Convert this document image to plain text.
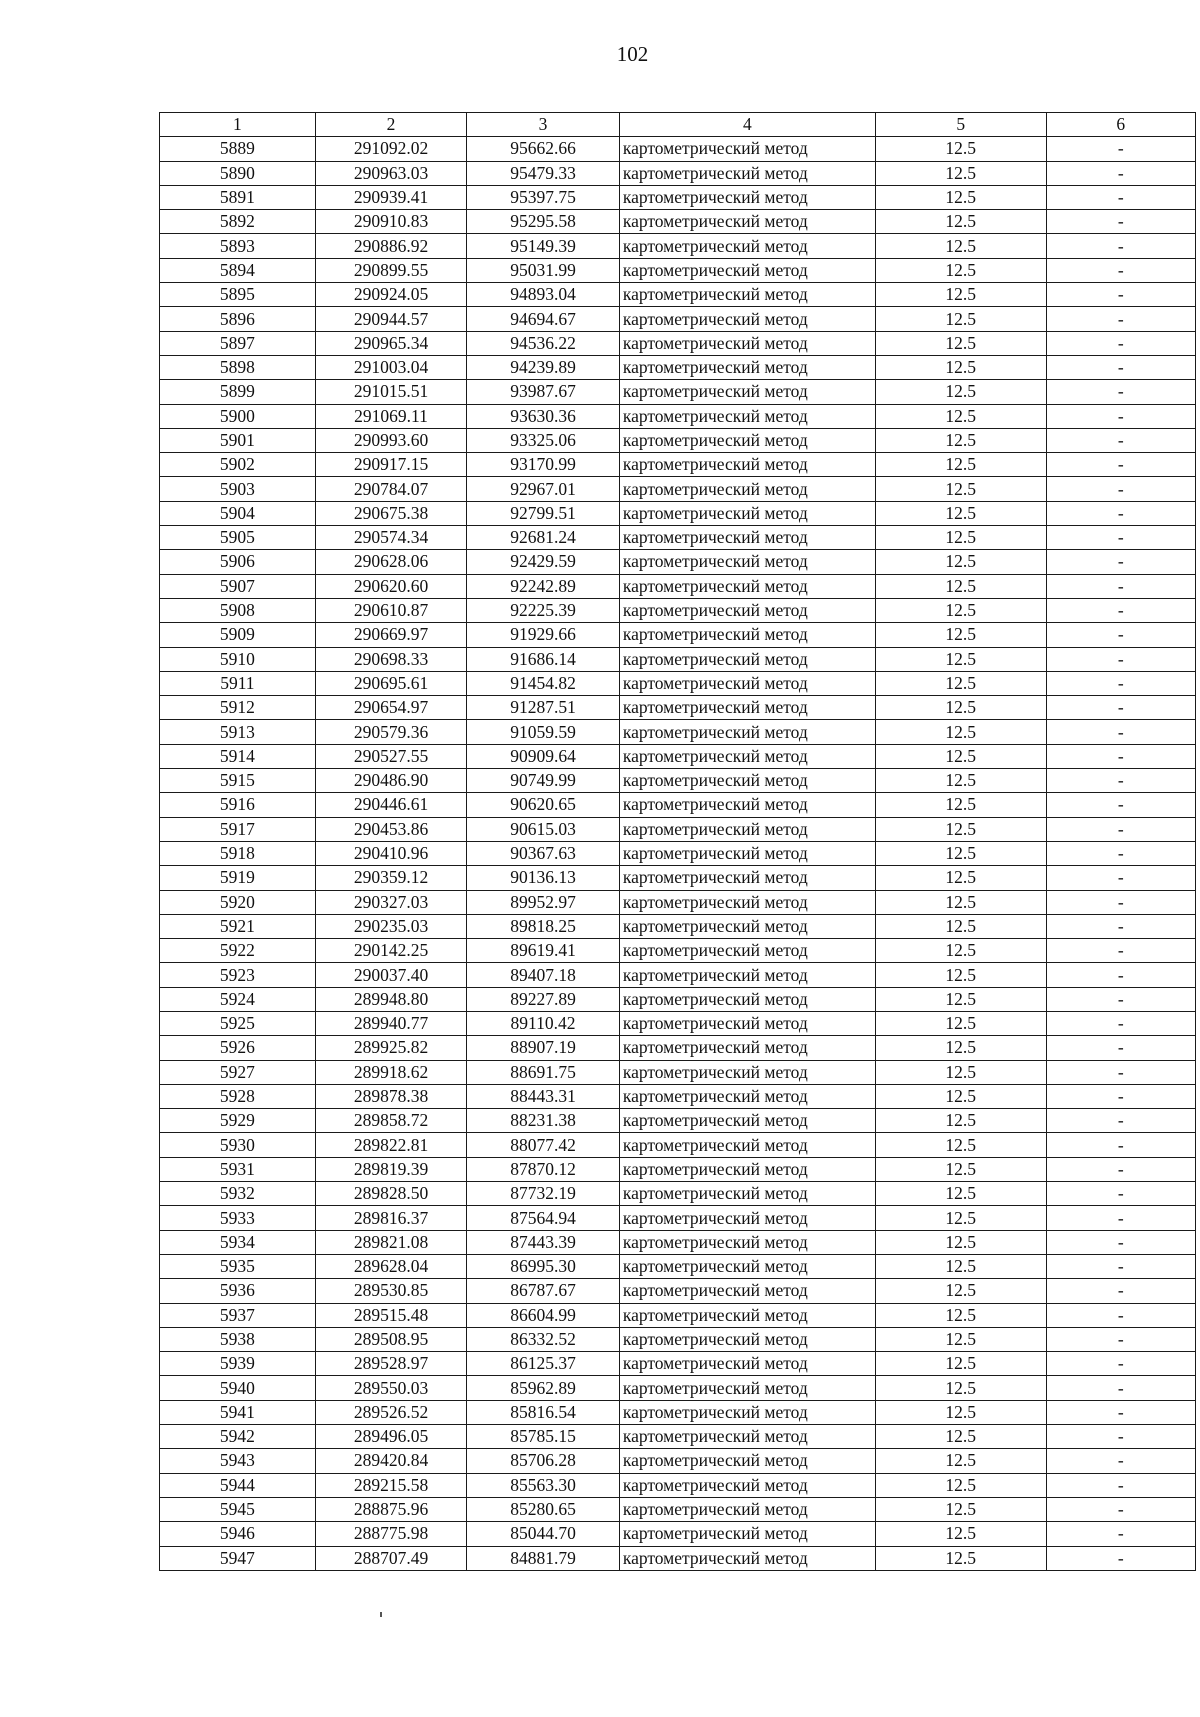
102
1	2	3	4	5	6
5889	291092.02	95662.66	картометрический метод	12.5	-
5890	290963.03	95479.33	картометрический метод	12.5	-
5891	290939.41	95397.75	картометрический метод	12.5	-
5892	290910.83	95295.58	картометрический метод	12.5	-
5893	290886.92	95149.39	картометрический метод	12.5	-
5894	290899.55	95031.99	картометрический метод	12.5	-
5895	290924.05	94893.04	картометрический метод	12.5	-
5896	290944.57	94694.67	картометрический метод	12.5	-
5897	290965.34	94536.22	картометрический метод	12.5	-
5898	291003.04	94239.89	картометрический метод	12.5	-
5899	291015.51	93987.67	картометрический метод	12.5	-
5900	291069.11	93630.36	картометрический метод	12.5	-
5901	290993.60	93325.06	картометрический метод	12.5	-
5902	290917.15	93170.99	картометрический метод	12.5	-
5903	290784.07	92967.01	картометрический метод	12.5	-
5904	290675.38	92799.51	картометрический метод	12.5	-
5905	290574.34	92681.24	картометрический метод	12.5	-
5906	290628.06	92429.59	картометрический метод	12.5	-
5907	290620.60	92242.89	картометрический метод	12.5	-
5908	290610.87	92225.39	картометрический метод	12.5	-
5909	290669.97	91929.66	картометрический метод	12.5	-
5910	290698.33	91686.14	картометрический метод	12.5	-
5911	290695.61	91454.82	картометрический метод	12.5	-
5912	290654.97	91287.51	картометрический метод	12.5	-
5913	290579.36	91059.59	картометрический метод	12.5	-
5914	290527.55	90909.64	картометрический метод	12.5	-
5915	290486.90	90749.99	картометрический метод	12.5	-
5916	290446.61	90620.65	картометрический метод	12.5	-
5917	290453.86	90615.03	картометрический метод	12.5	-
5918	290410.96	90367.63	картометрический метод	12.5	-
5919	290359.12	90136.13	картометрический метод	12.5	-
5920	290327.03	89952.97	картометрический метод	12.5	-
5921	290235.03	89818.25	картометрический метод	12.5	-
5922	290142.25	89619.41	картометрический метод	12.5	-
5923	290037.40	89407.18	картометрический метод	12.5	-
5924	289948.80	89227.89	картометрический метод	12.5	-
5925	289940.77	89110.42	картометрический метод	12.5	-
5926	289925.82	88907.19	картометрический метод	12.5	-
5927	289918.62	88691.75	картометрический метод	12.5	-
5928	289878.38	88443.31	картометрический метод	12.5	-
5929	289858.72	88231.38	картометрический метод	12.5	-
5930	289822.81	88077.42	картометрический метод	12.5	-
5931	289819.39	87870.12	картометрический метод	12.5	-
5932	289828.50	87732.19	картометрический метод	12.5	-
5933	289816.37	87564.94	картометрический метод	12.5	-
5934	289821.08	87443.39	картометрический метод	12.5	-
5935	289628.04	86995.30	картометрический метод	12.5	-
5936	289530.85	86787.67	картометрический метод	12.5	-
5937	289515.48	86604.99	картометрический метод	12.5	-
5938	289508.95	86332.52	картометрический метод	12.5	-
5939	289528.97	86125.37	картометрический метод	12.5	-
5940	289550.03	85962.89	картометрический метод	12.5	-
5941	289526.52	85816.54	картометрический метод	12.5	-
5942	289496.05	85785.15	картометрический метод	12.5	-
5943	289420.84	85706.28	картометрический метод	12.5	-
5944	289215.58	85563.30	картометрический метод	12.5	-
5945	288875.96	85280.65	картометрический метод	12.5	-
5946	288775.98	85044.70	картометрический метод	12.5	-
5947	288707.49	84881.79	картометрический метод	12.5	-
